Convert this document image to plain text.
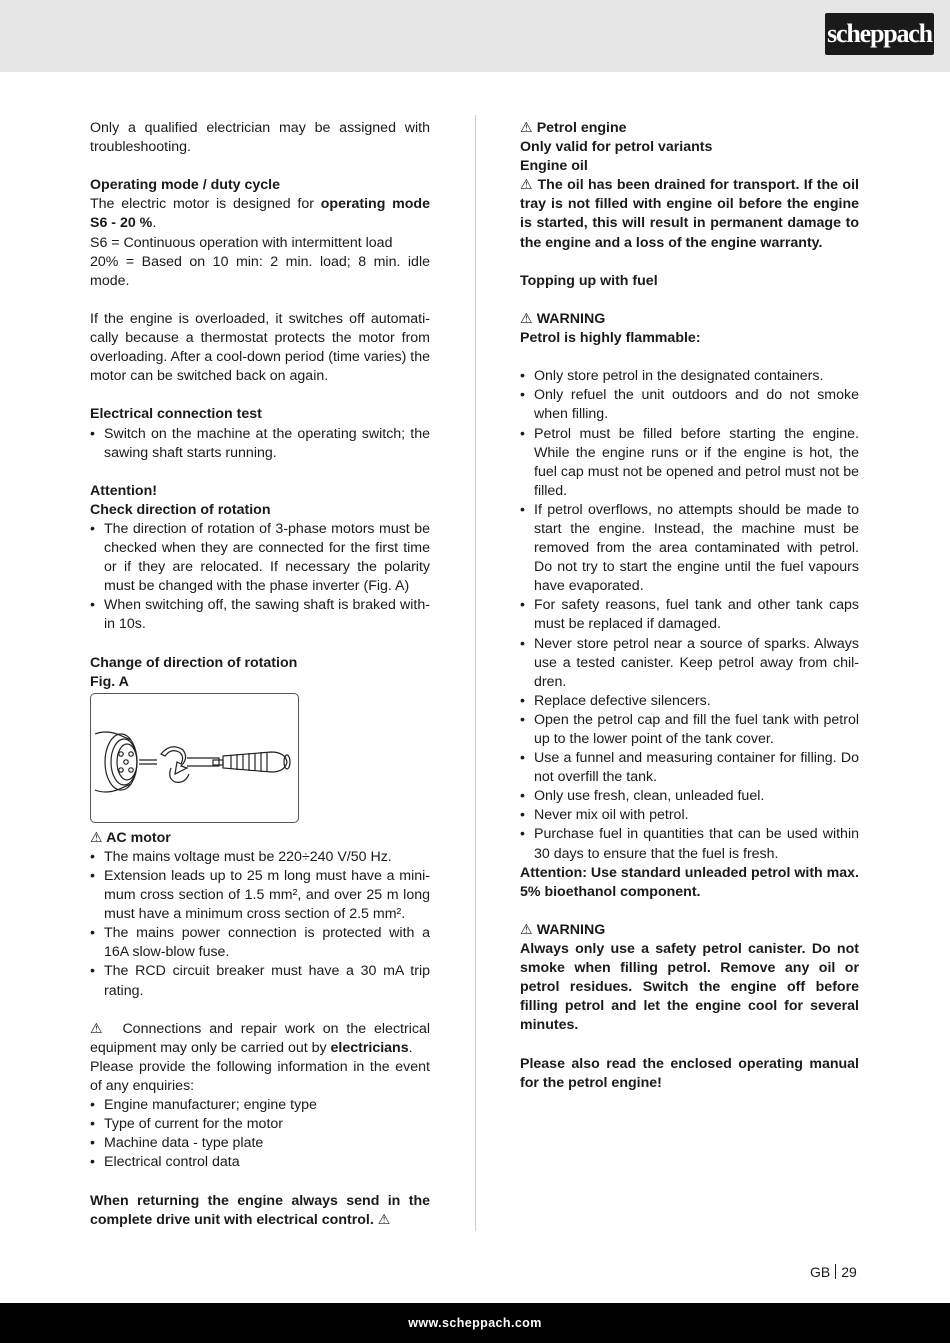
scheppach

Only a qualified electrician may be assigned with troubleshooting.

Operating mode / duty cycle

The electric motor is designed for operating mode S6 - 20 %.

S6 = Continuous operation with intermittent load

20% = Based on 10 min: 2 min. load; 8 min. idle mode.

If the engine is overloaded, it switches off automati-cally because a thermostat protects the motor from overloading. After a cool-down period (time varies) the motor can be switched back on again.

Electrical connection test

• Switch on the machine at the operating switch; the sawing shaft starts running.

Attention!

Check direction of rotation

• The direction of rotation of 3-phase motors must be checked when they are connected for the first time or if they are relocated. If necessary the polarity must be changed with the phase inverter (Fig. A)
• When switching off, the sawing shaft is braked with-in 10s.

Change of direction of rotation

Fig. A

⚠ AC motor

• The mains voltage must be 220÷240 V/50 Hz.
• Extension leads up to 25 m long must have a mini-mum cross section of 1.5 mm², and over 25 m long must have a minimum cross section of 2.5 mm².
• The mains power connection is protected with a 16A slow-blow fuse.
• The RCD circuit breaker must have a 30 mA trip rating.

⚠ Connections and repair work on the electrical equipment may only be carried out by electricians.

Please provide the following information in the event of any enquiries:

• Engine manufacturer; engine type
• Type of current for the motor
• Machine data - type plate
• Electrical control data

When returning the engine always send in the complete drive unit with electrical control. ⚠

⚠ Petrol engine

Only valid for petrol variants

Engine oil

⚠ The oil has been drained for transport. If the oil tray is not filled with engine oil before the engine is started, this will result in permanent damage to the engine and a loss of the engine warranty.

Topping up with fuel

⚠ WARNING

Petrol is highly flammable:

• Only store petrol in the designated containers.
• Only refuel the unit outdoors and do not smoke when filling.
• Petrol must be filled before starting the engine. While the engine runs or if the engine is hot, the fuel cap must not be opened and petrol must not be filled.
• If petrol overflows, no attempts should be made to start the engine. Instead, the machine must be removed from the area contaminated with petrol. Do not try to start the engine until the fuel vapours have evaporated.
• For safety reasons, fuel tank and other tank caps must be replaced if damaged.
• Never store petrol near a source of sparks. Always use a tested canister. Keep petrol away from chil-dren.
• Replace defective silencers.
• Open the petrol cap and fill the fuel tank with petrol up to the lower point of the tank cover.
• Use a funnel and measuring container for filling. Do not overfill the tank.
• Only use fresh, clean, unleaded fuel.
• Never mix oil with petrol.
• Purchase fuel in quantities that can be used within 30 days to ensure that the fuel is fresh.

Attention: Use standard unleaded petrol with max. 5% bioethanol component.

⚠ WARNING

Always only use a safety petrol canister. Do not smoke when filling petrol. Remove any oil or petrol residues. Switch the engine off before filling petrol and let the engine cool for several minutes.

Please also read the enclosed operating manual for the petrol engine!

GB 29
www.scheppach.com
